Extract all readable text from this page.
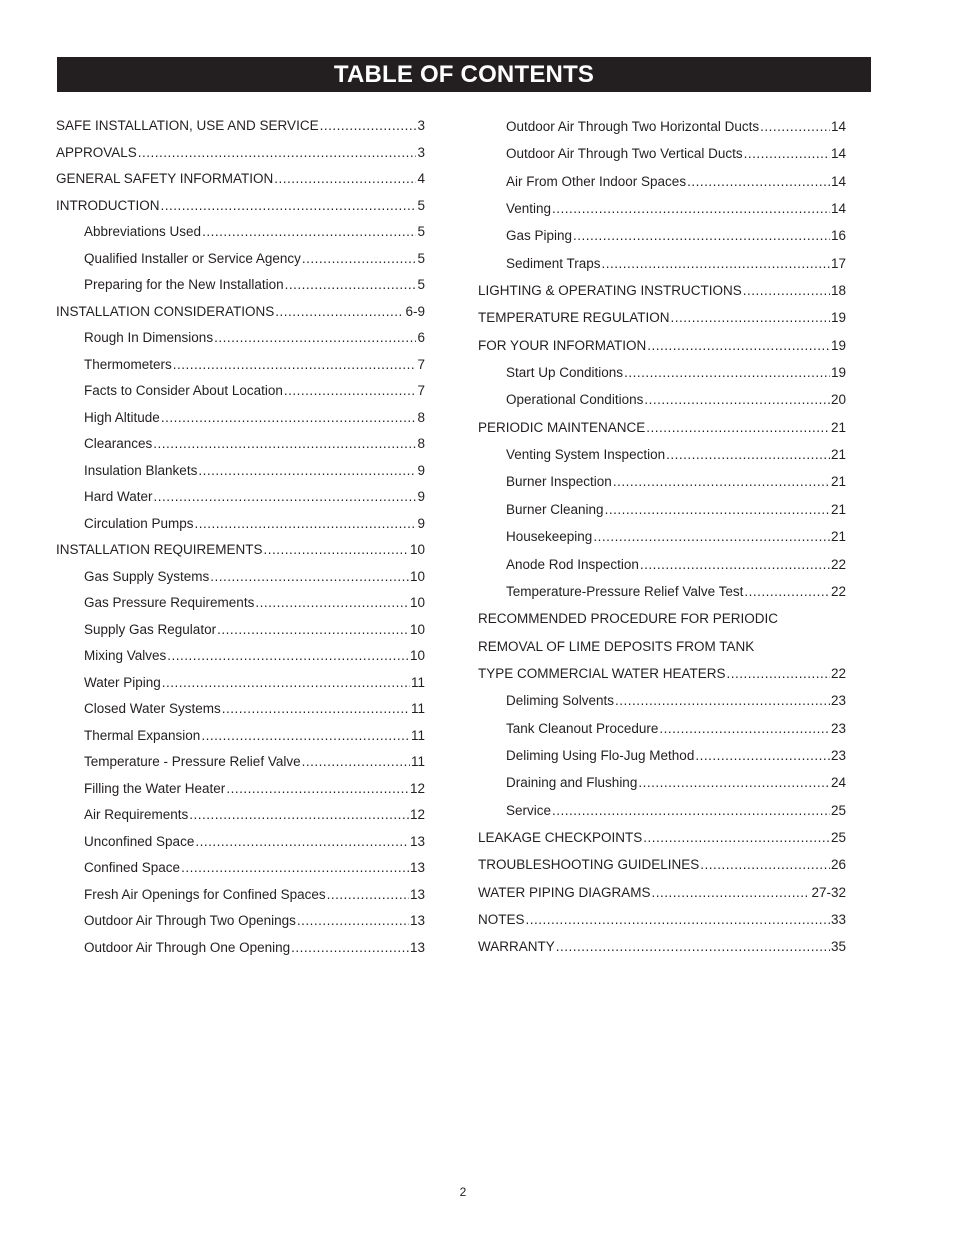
TABLE OF CONTENTS
SAFE INSTALLATION, USE AND SERVICE .....	3
APPROVALS .....	3
GENERAL SAFETY INFORMATION .....	4
INTRODUCTION .....	5
Abbreviations Used .....	5
Qualified Installer or Service Agency .....	5
Preparing for the New Installation .....	5
INSTALLATION CONSIDERATIONS .....	6-9
Rough In Dimensions .....	6
Thermometers .....	7
Facts to Consider About Location .....	7
High Altitude .....	8
Clearances .....	8
Insulation Blankets .....	9
Hard Water .....	9
Circulation Pumps .....	9
INSTALLATION REQUIREMENTS .....	10
Gas Supply Systems .....	10
Gas Pressure Requirements .....	10
Supply Gas Regulator .....	10
Mixing Valves .....	10
Water Piping .....	11
Closed Water Systems .....	11
Thermal Expansion .....	11
Temperature - Pressure Relief Valve .....	11
Filling the Water Heater .....	12
Air Requirements .....	12
Unconfined Space .....	13
Confined Space .....	13
Fresh Air Openings for Confined Spaces .....	13
Outdoor Air Through Two Openings .....	13
Outdoor Air Through One Opening .....	13
Outdoor Air Through Two Horizontal Ducts .....	14
Outdoor Air Through Two Vertical Ducts .....	14
Air From Other Indoor Spaces .....	14
Venting .....	14
Gas Piping .....	16
Sediment Traps .....	17
LIGHTING & OPERATING INSTRUCTIONS .....	18
TEMPERATURE REGULATION .....	19
FOR YOUR INFORMATION .....	19
Start Up Conditions .....	19
Operational Conditions .....	20
PERIODIC MAINTENANCE .....	21
Venting System Inspection .....	21
Burner Inspection .....	21
Burner Cleaning .....	21
Housekeeping .....	21
Anode Rod Inspection .....	22
Temperature-Pressure Relief Valve Test .....	22
RECOMMENDED PROCEDURE FOR PERIODIC
REMOVAL OF LIME DEPOSITS FROM TANK
TYPE COMMERCIAL WATER HEATERS .....	22
Deliming Solvents .....	23
Tank Cleanout Procedure .....	23
Deliming Using Flo-Jug Method .....	23
Draining and Flushing .....	24
Service .....	25
LEAKAGE CHECKPOINTS .....	25
TROUBLESHOOTING GUIDELINES .....	26
WATER PIPING DIAGRAMS .....	27-32
NOTES .....	33
WARRANTY .....	35
2
